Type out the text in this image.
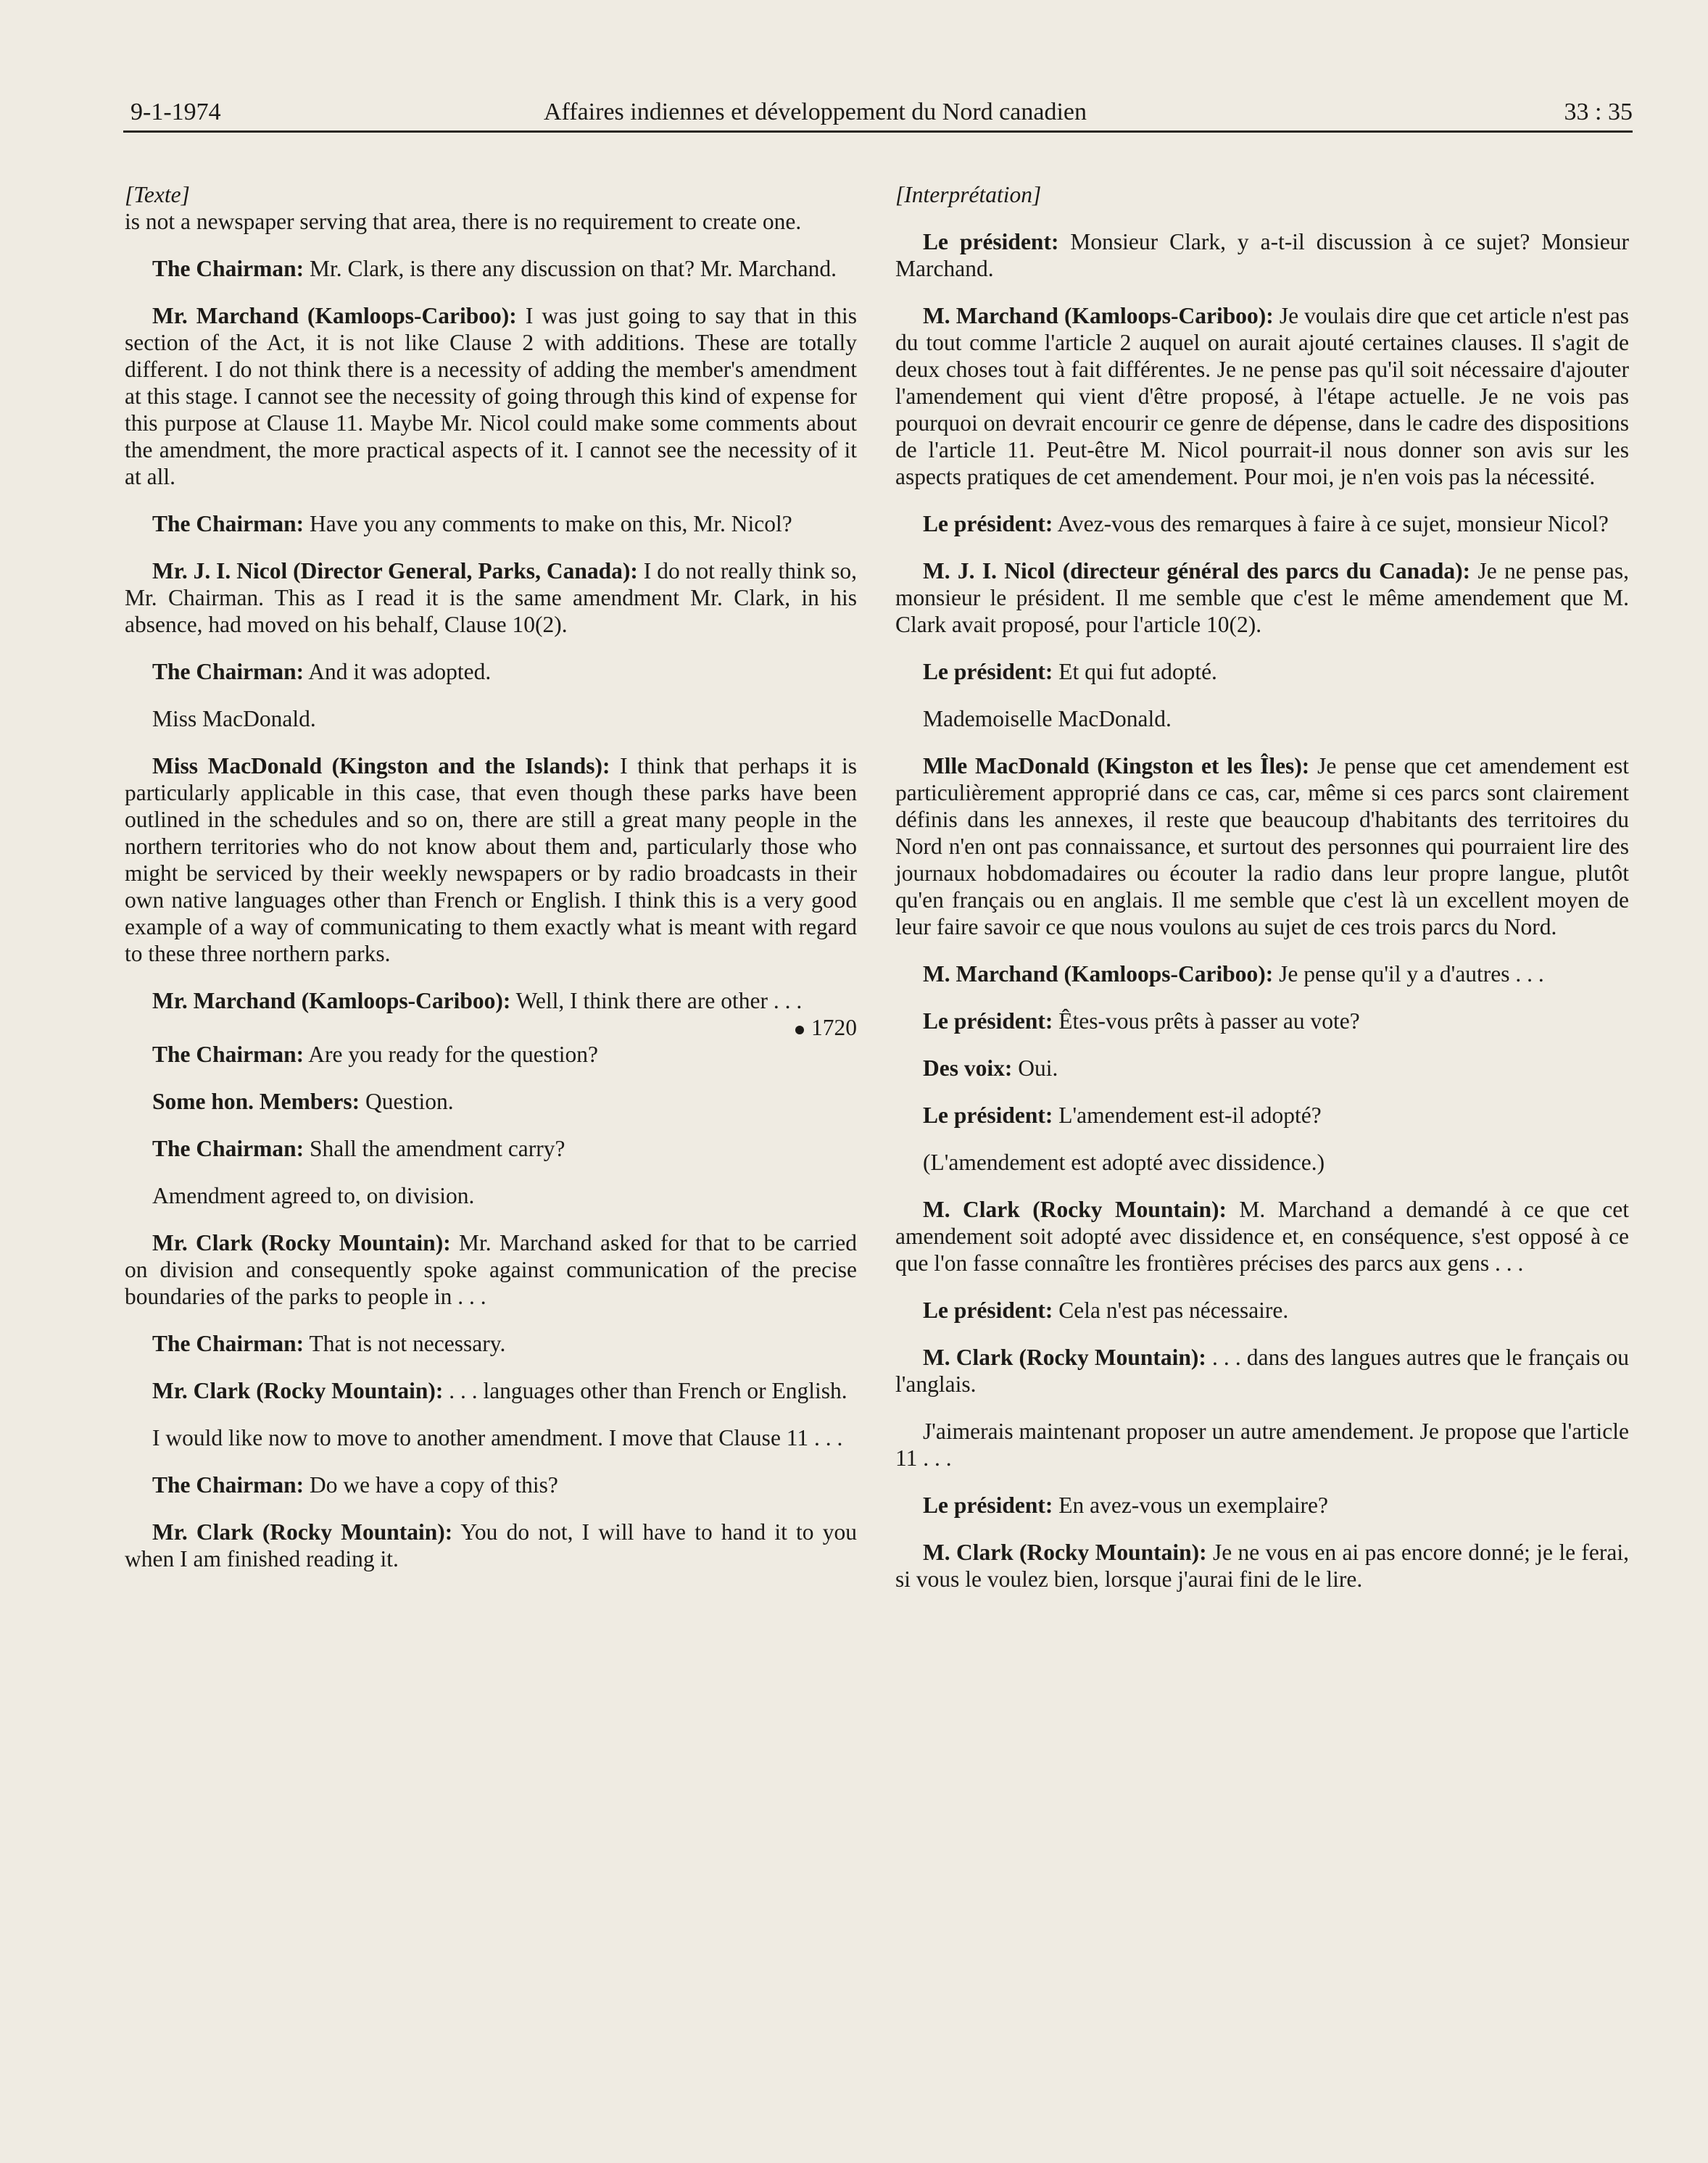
9-1-1974	Affaires indiennes et développement du Nord canadien	33 : 35

[Texte]

is not a newspaper serving that area, there is no requirement to create one.

The Chairman: Mr. Clark, is there any discussion on that? Mr. Marchand.

Mr. Marchand (Kamloops-Cariboo): I was just going to say that in this section of the Act, it is not like Clause 2 with additions. These are totally different. I do not think there is a necessity of adding the member's amendment at this stage. I cannot see the necessity of going through this kind of expense for this purpose at Clause 11. Maybe Mr. Nicol could make some comments about the amendment, the more practical aspects of it. I cannot see the necessity of it at all.

The Chairman: Have you any comments to make on this, Mr. Nicol?

Mr. J. I. Nicol (Director General, Parks, Canada): I do not really think so, Mr. Chairman. This as I read it is the same amendment Mr. Clark, in his absence, had moved on his behalf, Clause 10(2).

The Chairman: And it was adopted.

Miss MacDonald.

Miss MacDonald (Kingston and the Islands): I think that perhaps it is particularly applicable in this case, that even though these parks have been outlined in the schedules and so on, there are still a great many people in the northern territories who do not know about them and, particularly those who might be serviced by their weekly newspapers or by radio broadcasts in their own native languages other than French or English. I think this is a very good example of a way of communicating to them exactly what is meant with regard to these three northern parks.

Mr. Marchand (Kamloops-Cariboo): Well, I think there are other . . .

1720

The Chairman: Are you ready for the question?

Some hon. Members: Question.

The Chairman: Shall the amendment carry?

Amendment agreed to, on division.

Mr. Clark (Rocky Mountain): Mr. Marchand asked for that to be carried on division and consequently spoke against communication of the precise boundaries of the parks to people in . . .

The Chairman: That is not necessary.

Mr. Clark (Rocky Mountain): . . . languages other than French or English.

I would like now to move to another amendment. I move that Clause 11 . . .

The Chairman: Do we have a copy of this?

Mr. Clark (Rocky Mountain): You do not, I will have to hand it to you when I am finished reading it.

[Interprétation]

Le président: Monsieur Clark, y a-t-il discussion à ce sujet? Monsieur Marchand.

M. Marchand (Kamloops-Cariboo): Je voulais dire que cet article n'est pas du tout comme l'article 2 auquel on aurait ajouté certaines clauses. Il s'agit de deux choses tout à fait différentes. Je ne pense pas qu'il soit nécessaire d'ajouter l'amendement qui vient d'être proposé, à l'étape actuelle. Je ne vois pas pourquoi on devrait encourir ce genre de dépense, dans le cadre des dispositions de l'article 11. Peut-être M. Nicol pourrait-il nous donner son avis sur les aspects pratiques de cet amendement. Pour moi, je n'en vois pas la nécessité.

Le président: Avez-vous des remarques à faire à ce sujet, monsieur Nicol?

M. J. I. Nicol (directeur général des parcs du Canada): Je ne pense pas, monsieur le président. Il me semble que c'est le même amendement que M. Clark avait proposé, pour l'article 10(2).

Le président: Et qui fut adopté.

Mademoiselle MacDonald.

Mlle MacDonald (Kingston et les Îles): Je pense que cet amendement est particulièrement approprié dans ce cas, car, même si ces parcs sont clairement définis dans les annexes, il reste que beaucoup d'habitants des territoires du Nord n'en ont pas connaissance, et surtout des personnes qui pourraient lire des journaux hobdomadaires ou écouter la radio dans leur propre langue, plutôt qu'en français ou en anglais. Il me semble que c'est là un excellent moyen de leur faire savoir ce que nous voulons au sujet de ces trois parcs du Nord.

M. Marchand (Kamloops-Cariboo): Je pense qu'il y a d'autres . . .

Le président: Êtes-vous prêts à passer au vote?

Des voix: Oui.

Le président: L'amendement est-il adopté?

(L'amendement est adopté avec dissidence.)

M. Clark (Rocky Mountain): M. Marchand a demandé à ce que cet amendement soit adopté avec dissidence et, en conséquence, s'est opposé à ce que l'on fasse connaître les frontières précises des parcs aux gens . . .

Le président: Cela n'est pas nécessaire.

M. Clark (Rocky Mountain): . . . dans des langues autres que le français ou l'anglais.

J'aimerais maintenant proposer un autre amendement. Je propose que l'article 11 . . .

Le président: En avez-vous un exemplaire?

M. Clark (Rocky Mountain): Je ne vous en ai pas encore donné; je le ferai, si vous le voulez bien, lorsque j'aurai fini de le lire.
